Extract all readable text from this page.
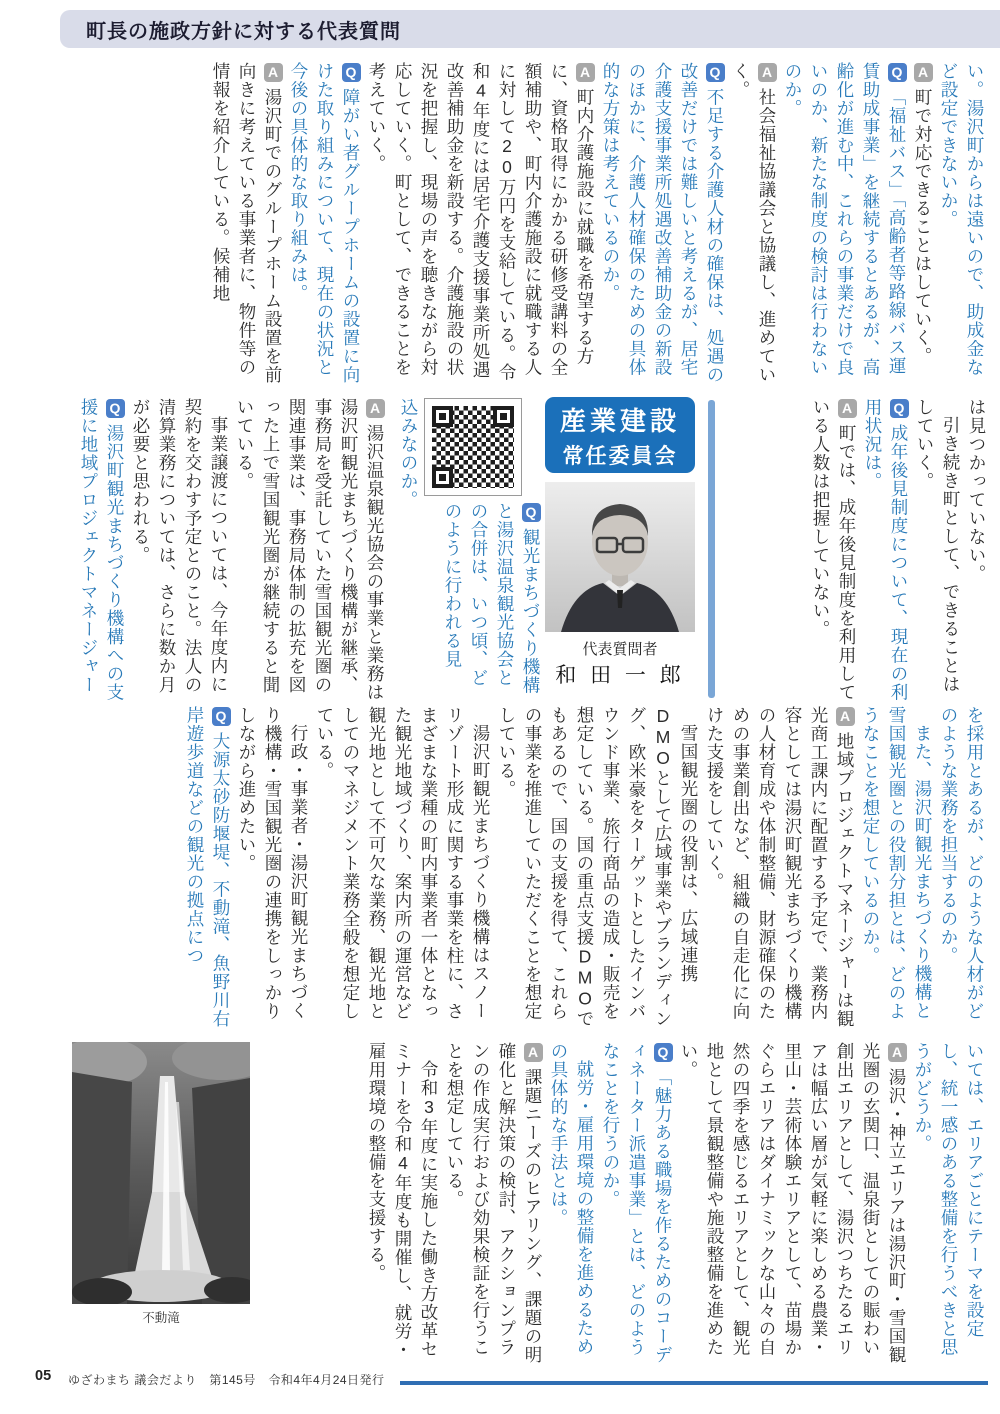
町長の施政方針に対する代表質問

い。湯沢町からは遠いので、助成金など設定できないか。

A町で対応できることはしていく。

Q「福祉バス」「高齢者等路線バス運賃助成事業」を継続するとあるが、高齢化が進む中、これらの事業だけで良いのか、新たな制度の検討は行わないのか。

A社会福祉協議会と協議し、進めていく。

Q不足する介護人材の確保は、処遇の改善だけでは難しいと考えるが、居宅介護支援事業所処遇改善補助金の新設のほかに、介護人材確保のための具体的な方策は考えているのか。

A町内介護施設に就職を希望する方に、資格取得にかかる研修受講料の全額補助や、町内介護施設に就職する人に対して20万円を支給している。令和4年度には居宅介護支援事業所処遇改善補助金を新設する。介護施設の状況を把握し、現場の声を聴きながら対応していく。町として、できることを考えていく。

Q障がい者グループホームの設置に向けた取り組みについて、現在の状況と今後の具体的な取り組みは。

A湯沢町でのグループホーム設置を前向きに考えている事業者に、物件等の情報を紹介している。候補地

は見つかっていない。

引き続き町として、できることはしていく。

Q成年後見制度について、現在の利用状況は。

A町では、成年後見制度を利用している人数は把握していない。

産業建設
常任委員会
代表質問者
和 田 一 郎

Q観光まちづくり機構と湯沢温泉観光協会との合併は、いつ頃、どのように行われる見

込みなのか。

A湯沢温泉観光協会の事業と業務は湯沢町観光まちづくり機構が継承、事務局を受託していた雪国観光圏の関連事業は、事務局体制の拡充を図った上で雪国観光圏が継続すると聞いている。

事業譲渡については、今年度内に契約を交わす予定とのこと。法人の清算業務については、さらに数か月が必要と思われる。

Q湯沢町観光まちづくり機構への支援に地域プロジェクトマネージャー

を採用とあるが、どのような人材がどのような業務を担当するのか。

また、湯沢町観光まちづくり機構と雪国観光圏との役割分担とは、どのようなことを想定しているのか。

A地域プロジェクトマネージャーは観光商工課内に配置する予定で、業務内容としては湯沢町観光まちづくり機構の人材育成や体制整備、財源確保のための事業創出など、組織の自走化に向けた支援をしていく。

雪国観光圏の役割は、広域連携DMOとして広域事業やブランディング、欧米豪をターゲットとしたインバウンド事業、旅行商品の造成・販売を想定している。国の重点支援DMOでもあるので、国の支援を得て、これらの事業を推進していただくことを想定している。

湯沢町観光まちづくり機構はスノーリゾート形成に関する事業を柱に、さまざまな業種の町内事業者一体となった観光地域づくり、案内所の運営など観光地として不可欠な業務、観光地としてのマネジメント業務全般を想定している。

行政・事業者・湯沢町観光まちづくり機構・雪国観光圏の連携をしっかりしながら進めたい。

Q大源太砂防堰堤、不動滝、魚野川右岸遊歩道などの観光の拠点につ

いては、エリアごとにテーマを設定し、統一感のある整備を行うべきと思うがどうか。

A湯沢・神立エリアは湯沢町・雪国観光圏の玄関口、温泉街としての賑わい創出エリアとして、湯沢つちたるエリアは幅広い層が気軽に楽しめる農業・里山・芸術体験エリアとして、苗場かぐらエリアはダイナミックな山々の自然の四季を感じるエリアとして、観光地として景観整備や施設整備を進めたい。

Q「魅力ある職場を作るためのコーディネーター派遣事業」とは、どのようなことを行うのか。

就労・雇用環境の整備を進めるための具体的な手法とは。

A課題ニーズのヒアリング、課題の明確化と解決策の検討、アクションプランの作成実行および効果検証を行うことを想定している。

令和3年度に実施した働き方改革セミナーを令和4年度も開催し、就労・雇用環境の整備を支援する。

不動滝
05 ゆざわまち 議会だより　第145号　令和4年4月24日発行
